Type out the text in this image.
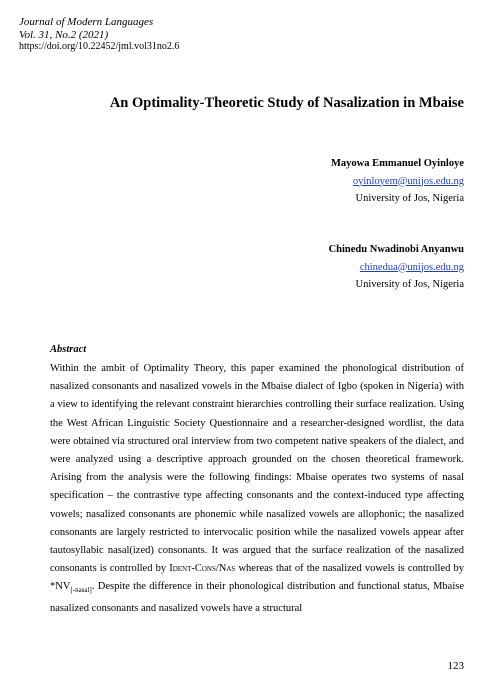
Journal of Modern Languages
Vol. 31, No.2 (2021)
https://doi.org/10.22452/jml.vol31no2.6
An Optimality-Theoretic Study of Nasalization in Mbaise
Mayowa Emmanuel Oyinloye
oyinloyem@unijos.edu.ng
University of Jos, Nigeria
Chinedu Nwadinobi Anyanwu
chinedua@unijos.edu.ng
University of Jos, Nigeria
Abstract
Within the ambit of Optimality Theory, this paper examined the phonological distribution of nasalized consonants and nasalized vowels in the Mbaise dialect of Igbo (spoken in Nigeria) with a view to identifying the relevant constraint hierarchies controlling their surface realization. Using the West African Linguistic Society Questionnaire and a researcher-designed wordlist, the data were obtained via structured oral interview from two competent native speakers of the dialect, and were analyzed using a descriptive approach grounded on the chosen theoretical framework. Arising from the analysis were the following findings: Mbaise operates two systems of nasal specification – the contrastive type affecting consonants and the context-induced type affecting vowels; nasalized consonants are phonemic while nasalized vowels are allophonic; the nasalized consonants are largely restricted to intervocalic position while the nasalized vowels appear after tautosyllabic nasal(ized) consonants. It was argued that the surface realization of the nasalized consonants is controlled by Ident-Cons/Nas whereas that of the nasalized vowels is controlled by $*NV_{[-nasal]}$. Despite the difference in their phonological distribution and functional status, Mbaise nasalized consonants and nasalized vowels have a structural
123
